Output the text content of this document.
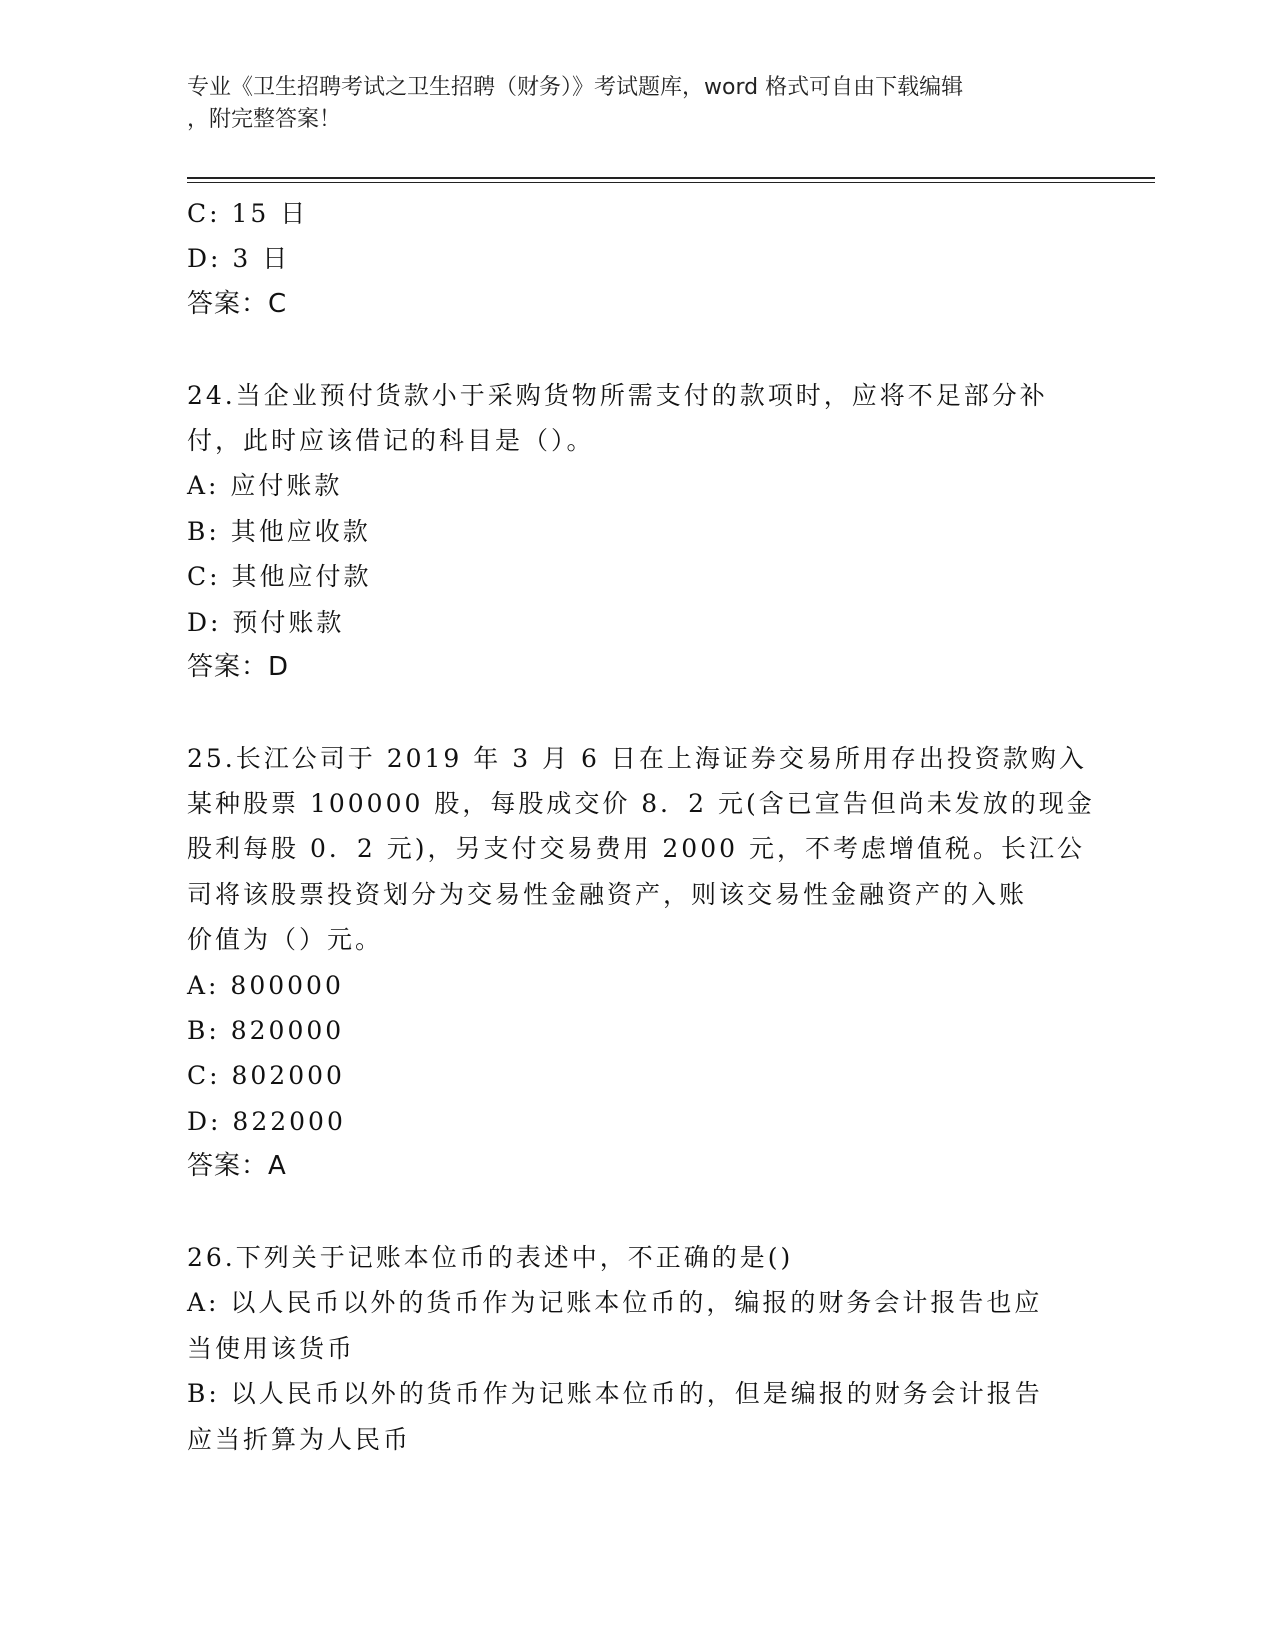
专业《卫生招聘考试之卫生招聘（财务）》考试题库，word 格式可自由下载编辑
，附完整答案！
C: 15 日
D: 3 日
答案：C
24.当企业预付货款小于采购货物所需支付的款项时，应将不足部分补
付，此时应该借记的科目是（）。
A: 应付账款
B: 其他应收款
C: 其他应付款
D: 预付账款
答案：D
25.长江公司于 2019 年 3 月 6 日在上海证券交易所用存出投资款购入
某种股票 100000 股，每股成交价 8．2 元(含已宣告但尚未发放的现金
股利每股 0．2 元)，另支付交易费用 2000 元，不考虑增值税。长江公
司将该股票投资划分为交易性金融资产，则该交易性金融资产的入账
价值为（）元。
A: 800000
B: 820000
C: 802000
D: 822000
答案：A
26.下列关于记账本位币的表述中，不正确的是()
A: 以人民币以外的货币作为记账本位币的，编报的财务会计报告也应
当使用该货币
B: 以人民币以外的货币作为记账本位币的，但是编报的财务会计报告
应当折算为人民币
